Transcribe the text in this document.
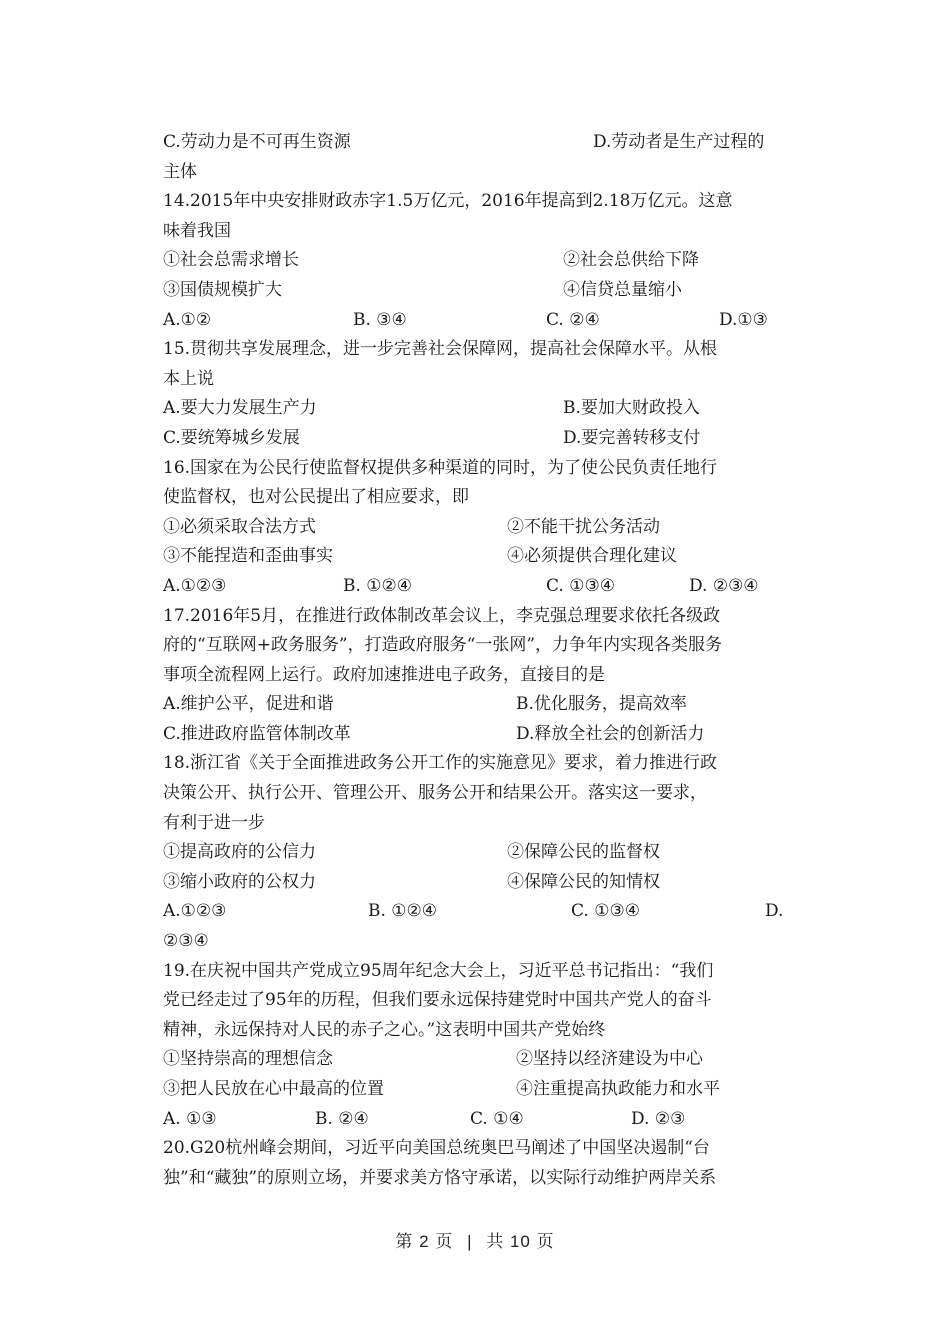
C.劳动力是不可再生资源	D.劳动者是生产过程的
主体
14.2015年中央安排财政赤字1.5万亿元，2016年提高到2.18万亿元。这意
味着我国
①社会总需求增长	②社会总供给下降
③国债规模扩大	④信贷总量缩小
A.①②	B. ③④	C. ②④	D.①③
15.贯彻共享发展理念，进一步完善社会保障网，提高社会保障水平。从根
本上说
A.要大力发展生产力	B.要加大财政投入
C.要统筹城乡发展	D.要完善转移支付
16.国家在为公民行使监督权提供多种渠道的同时，为了使公民负责任地行
使监督权，也对公民提出了相应要求，即
①必须采取合法方式	②不能干扰公务活动
③不能捏造和歪曲事实	④必须提供合理化建议
A.①②③	B. ①②④	C. ①③④	D. ②③④
17.2016年5月，在推进行政体制改革会议上，李克强总理要求依托各级政
府的“互联网+政务服务”，打造政府服务“一张网”，力争年内实现各类服务
事项全流程网上运行。政府加速推进电子政务，直接目的是
A.维护公平，促进和谐	B.优化服务，提高效率
C.推进政府监管体制改革	D.释放全社会的创新活力
18.浙江省《关于全面推进政务公开工作的实施意见》要求，着力推进行政
决策公开、执行公开、管理公开、服务公开和结果公开。落实这一要求，
有利于进一步
①提高政府的公信力	②保障公民的监督权
③缩小政府的公权力	④保障公民的知情权
A.①②③	B. ①②④	C. ①③④	D.
②③④
19.在庆祝中国共产党成立95周年纪念大会上，习近平总书记指出：“我们
党已经走过了95年的历程，但我们要永远保持建党时中国共产党人的奋斗
精神，永远保持对人民的赤子之心。”这表明中国共产党始终
①坚持崇高的理想信念	②坚持以经济建设为中心
③把人民放在心中最高的位置	④注重提高执政能力和水平
A. ①③	B. ②④	C. ①④	D. ②③
20.G20杭州峰会期间，习近平向美国总统奥巴马阐述了中国坚决遏制“台
独”和“藏独”的原则立场，并要求美方恪守承诺，以实际行动维护两岸关系
第 2 页 | 共 10 页
